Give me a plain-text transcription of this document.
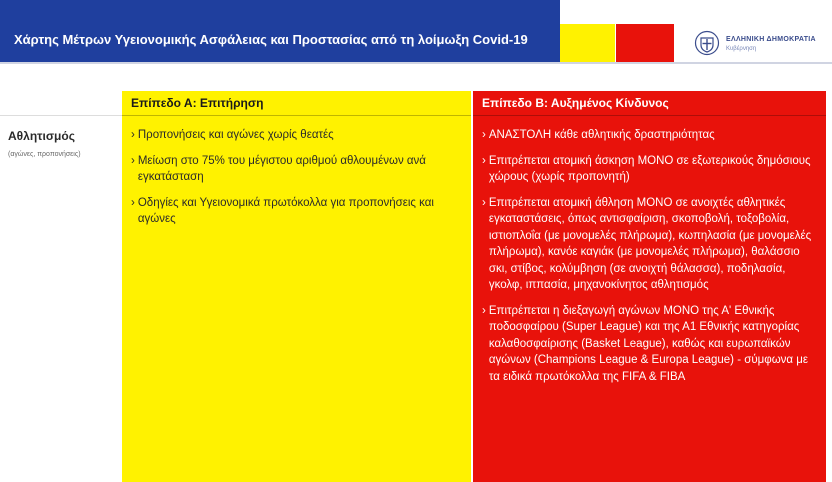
Χάρτης Μέτρων Υγειονομικής Ασφάλειας και Προστασίας από τη λοίμωξη Covid-19	ΕΛΛΗΝΙΚΗ ΔΗΜΟΚΡΑΤΙΑ
Κυβέρνηση
Αθλητισμός
(αγώνες, προπονήσεις)
Επίπεδο Α: Επιτήρηση
› Προπονήσεις και αγώνες χωρίς θεατές
› Μείωση στο 75% του μέγιστου αριθμού αθλουμένων ανά εγκατάσταση
› Οδηγίες και Υγειονομικά πρωτόκολλα για προπονήσεις και αγώνες
Επίπεδο Β: Αυξημένος Κίνδυνος
› ΑΝΑΣΤΟΛΗ κάθε αθλητικής δραστηριότητας
› Επιτρέπεται ατομική άσκηση ΜΟΝΟ σε εξωτερικούς δημόσιους χώρους (χωρίς προπονητή)
› Επιτρέπεται ατομική άθληση ΜΟΝΟ σε ανοιχτές αθλητικές εγκαταστάσεις, όπως αντισφαίριση, σκοποβολή, τοξοβολία, ιστιοπλοΐα (με μονομελές πλήρωμα), κωπηλασία (με μονομελές πλήρωμα), κανόε καγιάκ (με μονομελές πλήρωμα), θαλάσσιο σκι, στίβος, κολύμβηση (σε ανοιχτή θάλασσα), ποδηλασία, γκολφ, ιππασία, μηχανοκίνητος αθλητισμός
› Επιτρέπεται η διεξαγωγή αγώνων ΜΟΝΟ της Α' Εθνικής ποδοσφαίρου (Super League) και της Α1 Εθνικής κατηγορίας καλαθοσφαίρισης (Basket League), καθώς και ευρωπαϊκών αγώνων (Champions League & Europa League) - σύμφωνα με τα ειδικά πρωτόκολλα της FIFA & FIBA
